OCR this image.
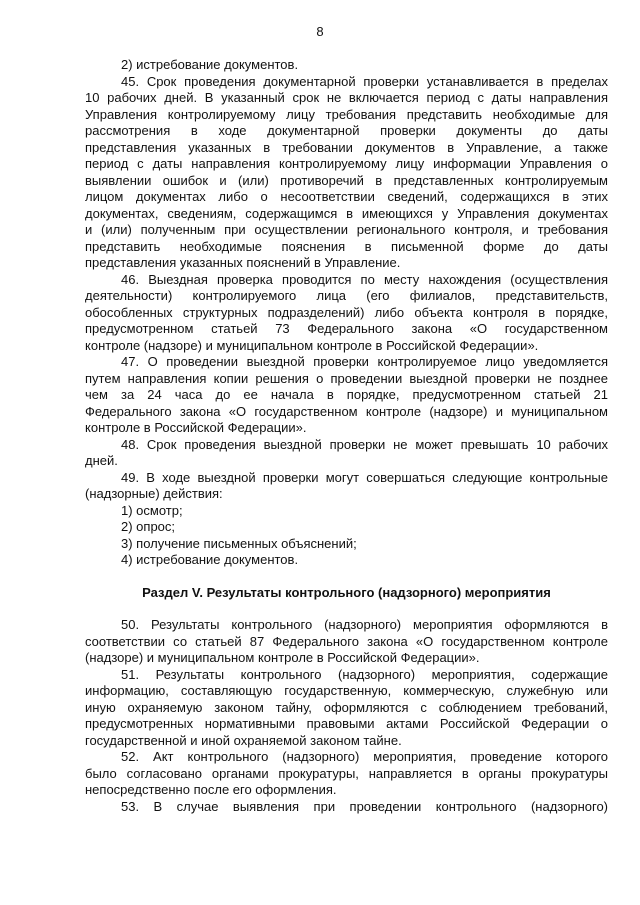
8
2) истребование документов.
45. Срок проведения документарной проверки устанавливается в пределах
10 рабочих дней. В указанный срок не включается период с даты направления
Управления контролируемому лицу требования представить необходимые для
рассмотрения в ходе документарной проверки документы до даты
представления указанных в требовании документов в Управление, а также
период с даты направления контролируемому лицу информации Управления о
выявлении ошибок и (или) противоречий в представленных контролируемым
лицом документах либо о несоответствии сведений, содержащихся в этих
документах, сведениям, содержащимся в имеющихся у Управления документах
и (или) полученным при осуществлении регионального контроля, и требования
представить необходимые пояснения в письменной форме до даты
представления указанных пояснений в Управление.
46. Выездная проверка проводится по месту нахождения (осуществления
деятельности) контролируемого лица (его филиалов, представительств,
обособленных структурных подразделений) либо объекта контроля в порядке,
предусмотренном статьей 73 Федерального закона «О государственном
контроле (надзоре) и муниципальном контроле в Российской Федерации».
47. О проведении выездной проверки контролируемое лицо уведомляется
путем направления копии решения о проведении выездной проверки не позднее
чем за 24 часа до ее начала в порядке, предусмотренном статьей 21
Федерального закона «О государственном контроле (надзоре) и муниципальном
контроле в Российской Федерации».
48. Срок проведения выездной проверки не может превышать 10 рабочих
дней.
49. В ходе выездной проверки могут совершаться следующие контрольные
(надзорные) действия:
1) осмотр;
2) опрос;
3) получение письменных объяснений;
4) истребование документов.
Раздел V. Результаты контрольного (надзорного) мероприятия
50. Результаты контрольного (надзорного) мероприятия оформляются в
соответствии со статьей 87 Федерального закона «О государственном контроле
(надзоре) и муниципальном контроле в Российской Федерации».
51. Результаты контрольного (надзорного) мероприятия, содержащие
информацию, составляющую государственную, коммерческую, служебную или
иную охраняемую законом тайну, оформляются с соблюдением требований,
предусмотренных нормативными правовыми актами Российской Федерации о
государственной и иной охраняемой законом тайне.
52. Акт контрольного (надзорного) мероприятия, проведение которого
было согласовано органами прокуратуры, направляется в органы прокуратуры
непосредственно после его оформления.
53. В случае выявления при проведении контрольного (надзорного)
